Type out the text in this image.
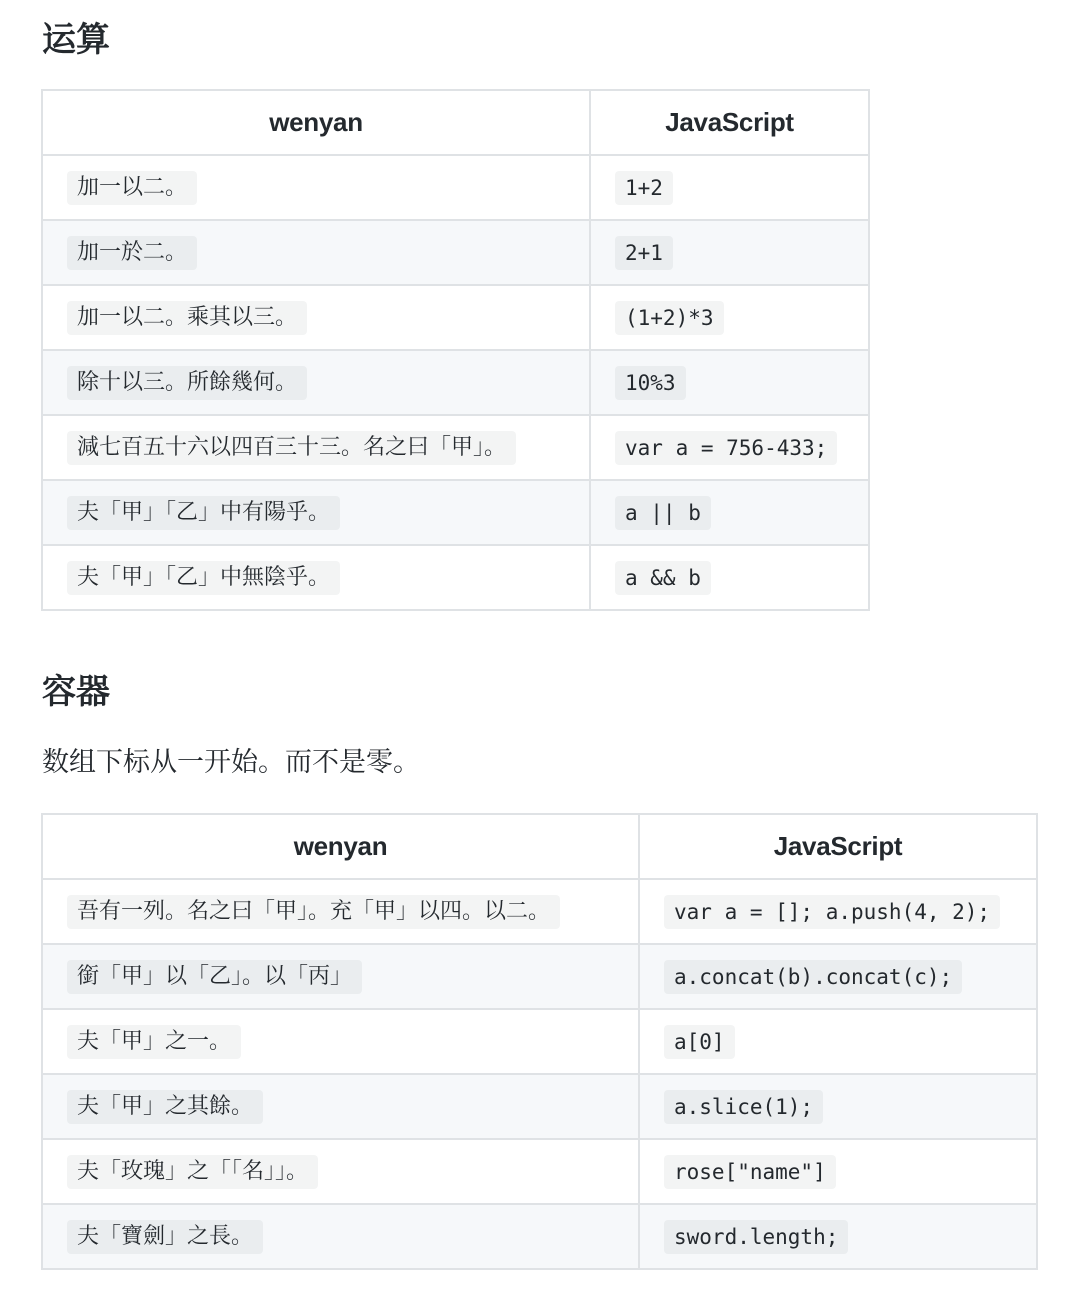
运算
wenyan	JavaScript
加一以二。	1+2
加一於二。	2+1
加一以二。乘其以三。	(1+2)*3
除十以三。所餘幾何。	10%3
減七百五十六以四百三十三。名之曰「甲」。	var a = 756-433;
夫「甲」「乙」中有陽乎。	a || b
夫「甲」「乙」中無陰乎。	a && b
容器

数组下标从一开始。而不是零。

wenyan	JavaScript
吾有一列。名之曰「甲」。充「甲」以四。以二。	var a = []; a.push(4, 2);
銜「甲」以「乙」。以「丙」	a.concat(b).concat(c);
夫「甲」之一。	a[0]
夫「甲」之其餘。	a.slice(1);
夫「玫瑰」之「「名」」。	rose["name"]
夫「寶劍」之長。	sword.length;
